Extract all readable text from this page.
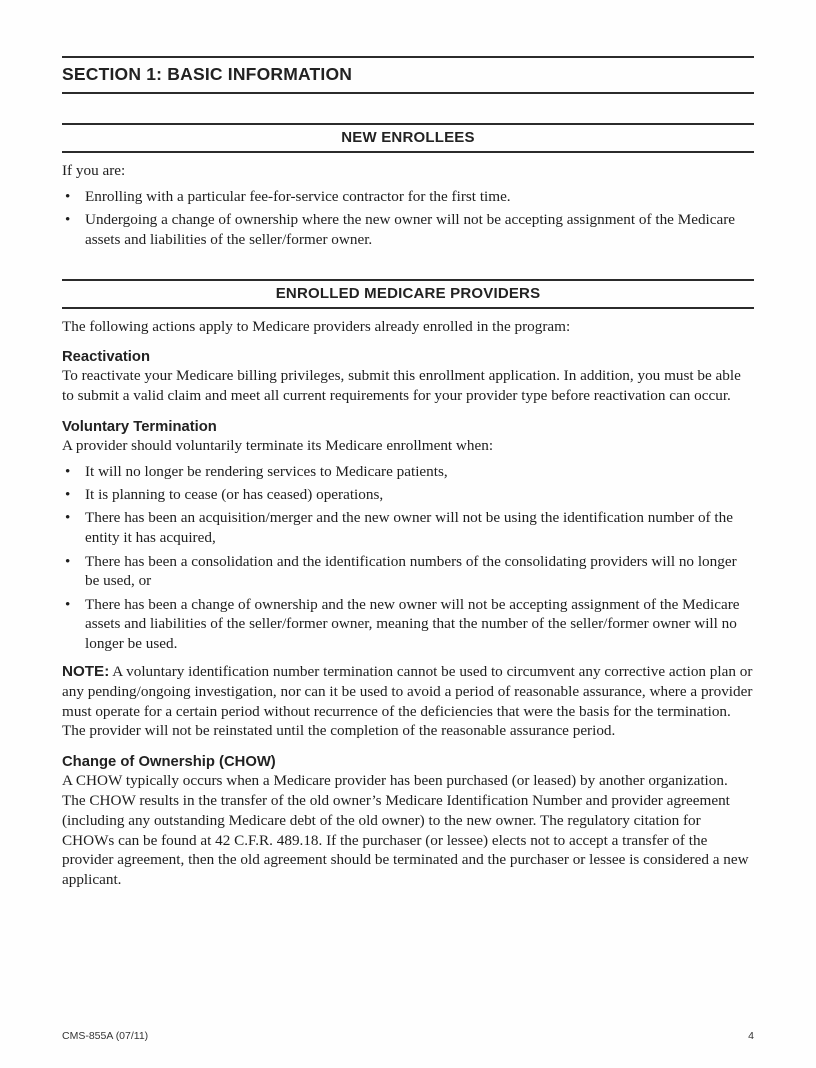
SECTION 1: BASIC INFORMATION
NEW ENROLLEES

If you are:

• Enrolling with a particular fee-for-service contractor for the first time.
• Undergoing a change of ownership where the new owner will not be accepting assignment of the Medicare assets and liabilities of the seller/former owner.
ENROLLED MEDICARE PROVIDERS

The following actions apply to Medicare providers already enrolled in the program:

Reactivation

To reactivate your Medicare billing privileges, submit this enrollment application. In addition, you must be able to submit a valid claim and meet all current requirements for your provider type before reactivation can occur.

Voluntary Termination

A provider should voluntarily terminate its Medicare enrollment when:

• It will no longer be rendering services to Medicare patients,
• It is planning to cease (or has ceased) operations,
• There has been an acquisition/merger and the new owner will not be using the identification number of the entity it has acquired,
• There has been a consolidation and the identification numbers of the consolidating providers will no longer be used, or
• There has been a change of ownership and the new owner will not be accepting assignment of the Medicare assets and liabilities of the seller/former owner, meaning that the number of the seller/former owner will no longer be used.

NOTE: A voluntary identification number termination cannot be used to circumvent any corrective action plan or any pending/ongoing investigation, nor can it be used to avoid a period of reasonable assurance, where a provider must operate for a certain period without recurrence of the deficiencies that were the basis for the termination. The provider will not be reinstated until the completion of the reasonable assurance period.

Change of Ownership (CHOW)

A CHOW typically occurs when a Medicare provider has been purchased (or leased) by another organization. The CHOW results in the transfer of the old owner’s Medicare Identification Number and provider agreement (including any outstanding Medicare debt of the old owner) to the new owner. The regulatory citation for CHOWs can be found at 42 C.F.R. 489.18. If the purchaser (or lessee) elects not to accept a transfer of the provider agreement, then the old agreement should be terminated and the purchaser or lessee is considered a new applicant.

CMS-855A (07/11)	4
